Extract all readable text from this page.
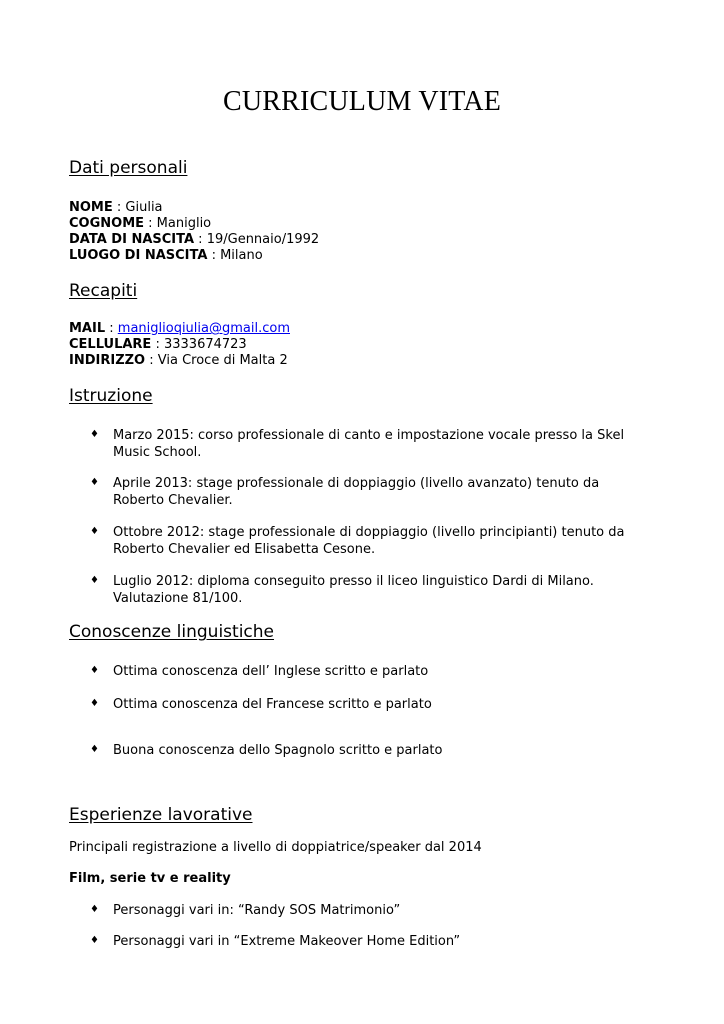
CURRICULUM VITAE
Dati personali
NOME : Giulia
COGNOME : Maniglio
DATA DI NASCITA : 19/Gennaio/1992
LUOGO DI NASCITA : Milano
Recapiti
MAIL : maniglioqiulia@gmail.com
CELLULARE : 3333674723
INDIRIZZO : Via Croce di Malta 2
Istruzione
♦ Marzo 2015: corso professionale di canto e impostazione vocale presso la Skel Music School.
♦ Aprile 2013: stage professionale di doppiaggio (livello avanzato) tenuto da Roberto Chevalier.
♦ Ottobre 2012: stage professionale di doppiaggio (livello principianti) tenuto da Roberto Chevalier ed Elisabetta Cesone.
♦ Luglio 2012: diploma conseguito presso il liceo linguistico Dardi di Milano. Valutazione 81/100.
Conoscenze linguistiche
♦ Ottima conoscenza dell’ Inglese scritto e parlato
♦ Ottima conoscenza del Francese scritto e parlato
♦ Buona conoscenza dello Spagnolo scritto e parlato
Esperienze lavorative
Principali registrazione a livello di doppiatrice/speaker dal 2014
Film, serie tv e reality
♦ Personaggi vari in: “Randy SOS Matrimonio”
♦ Personaggi vari in “Extreme Makeover Home Edition”
